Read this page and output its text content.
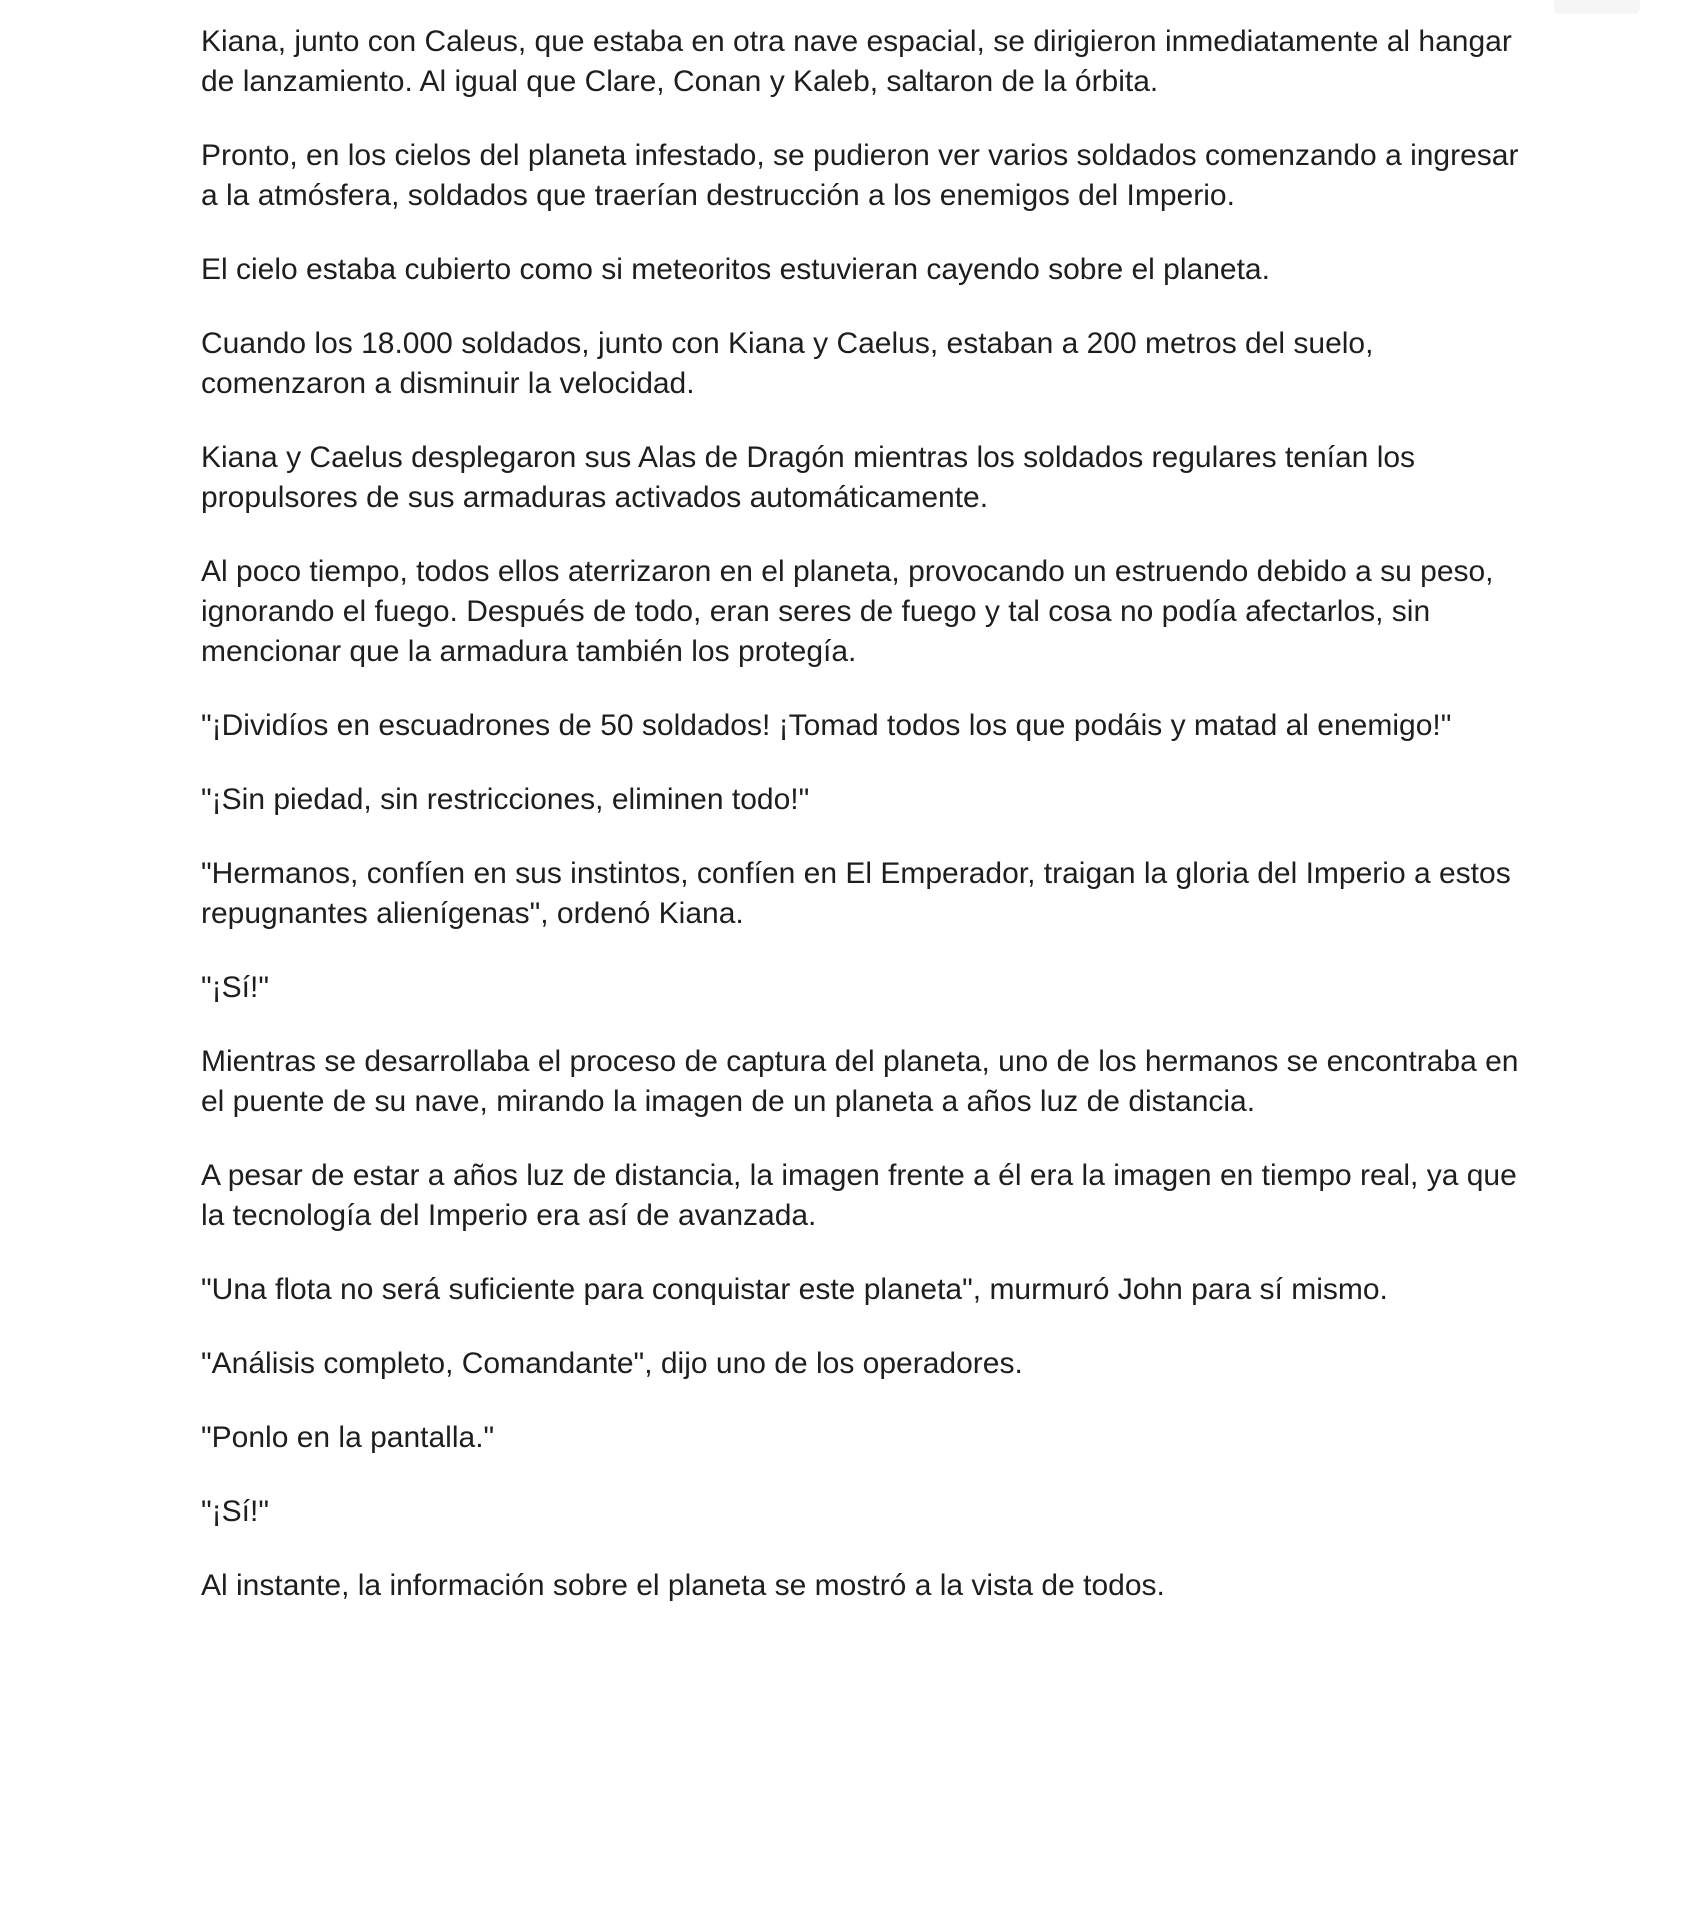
Kiana, junto con Caleus, que estaba en otra nave espacial, se dirigieron inmediatamente al hangar de lanzamiento. Al igual que Clare, Conan y Kaleb, saltaron de la órbita.

Pronto, en los cielos del planeta infestado, se pudieron ver varios soldados comenzando a ingresar a la atmósfera, soldados que traerían destrucción a los enemigos del Imperio.

El cielo estaba cubierto como si meteoritos estuvieran cayendo sobre el planeta.

Cuando los 18.000 soldados, junto con Kiana y Caelus, estaban a 200 metros del suelo, comenzaron a disminuir la velocidad.

Kiana y Caelus desplegaron sus Alas de Dragón mientras los soldados regulares tenían los propulsores de sus armaduras activados automáticamente.

Al poco tiempo, todos ellos aterrizaron en el planeta, provocando un estruendo debido a su peso, ignorando el fuego. Después de todo, eran seres de fuego y tal cosa no podía afectarlos, sin mencionar que la armadura también los protegía.

"¡Dividíos en escuadrones de 50 soldados! ¡Tomad todos los que podáis y matad al enemigo!"

"¡Sin piedad, sin restricciones, eliminen todo!"

"Hermanos, confíen en sus instintos, confíen en El Emperador, traigan la gloria del Imperio a estos repugnantes alienígenas", ordenó Kiana.

"¡Sí!"

Mientras se desarrollaba el proceso de captura del planeta, uno de los hermanos se encontraba en el puente de su nave, mirando la imagen de un planeta a años luz de distancia.

A pesar de estar a años luz de distancia, la imagen frente a él era la imagen en tiempo real, ya que la tecnología del Imperio era así de avanzada.

"Una flota no será suficiente para conquistar este planeta", murmuró John para sí mismo.

"Análisis completo, Comandante", dijo uno de los operadores.

"Ponlo en la pantalla."

"¡Sí!"

Al instante, la información sobre el planeta se mostró a la vista de todos.
